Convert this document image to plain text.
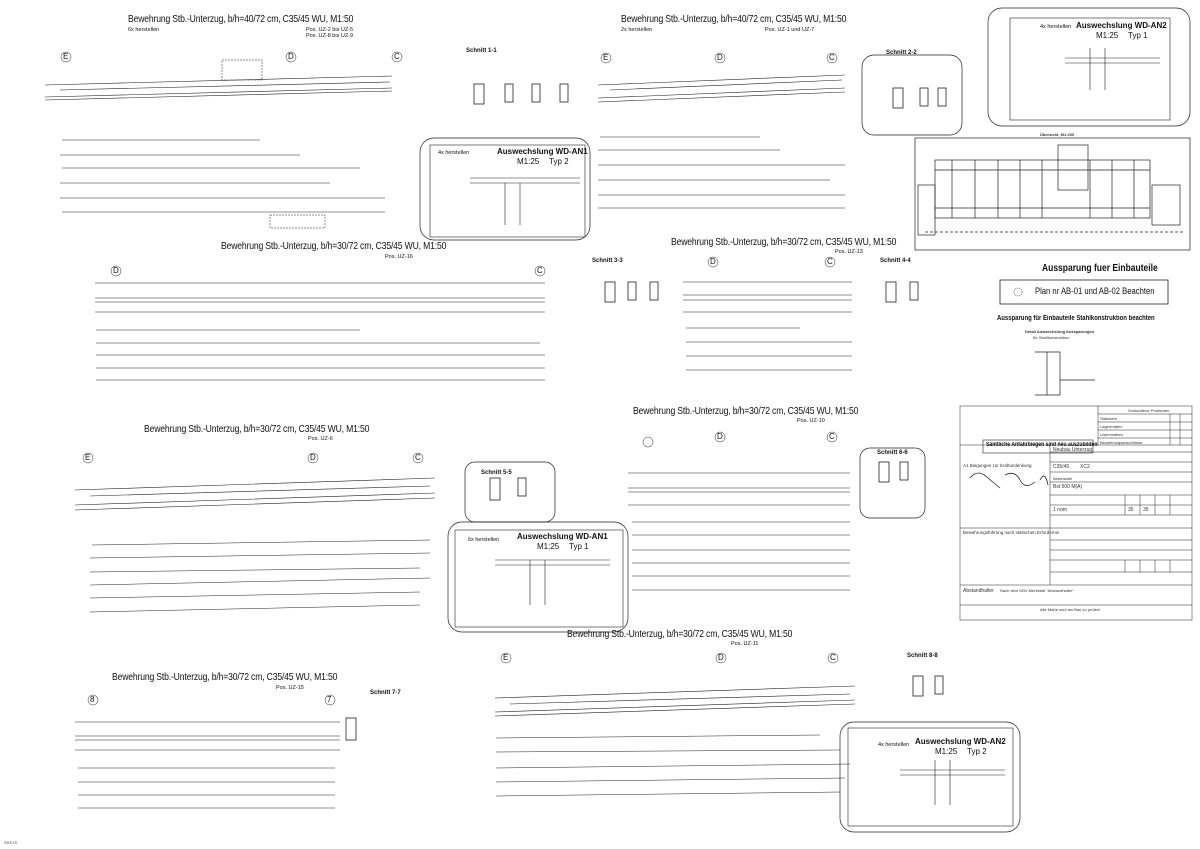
Bewehrung Stb.-Unterzug, b/h=40/72 cm, C35/45 WU, M1:50
6x herstellen	Pos. UZ-2 bis UZ-5
Pos. UZ-8 bis UZ-9
Bewehrung Stb.-Unterzug, b/h=40/72 cm, C35/45 WU, M1:50
2x herstellen	Pos. UZ-1 und UZ-7
Bewehrung Stb.-Unterzug, b/h=30/72 cm, C35/45 WU, M1:50
Pos. UZ-16
Bewehrung Stb.-Unterzug, b/h=30/72 cm, C35/45 WU, M1:50
Pos. UZ-13
Bewehrung Stb.-Unterzug, b/h=30/72 cm, C35/45 WU, M1:50
Pos. UZ-6
Bewehrung Stb.-Unterzug, b/h=30/72 cm, C35/45 WU, M1:50
Pos. UZ-10
Bewehrung Stb.-Unterzug, b/h=30/72 cm, C35/45 WU, M1:50
Pos. UZ-11
Bewehrung Stb.-Unterzug, b/h=30/72 cm, C35/45 WU, M1:50
Pos. UZ-15
E	D	C	E	D	C
D	C
D	C
E	D	C
D	C
E	D	C
8	7
Schnitt 1-1	Schnitt 2-2
Schnitt 3-3	Schnitt 4-4
Schnitt 5-5
Schnitt 6-6
Schnitt 7-7
Schnitt 8-8
4x herstellen	Auswechslung WD-AN1
M1:25 Typ 2
4x herstellen Auswechslung WD-AN2
M1:25 Typ 1
6x herstellen Auswechslung WD-AN1
M1:25 Typ 1
4x herstellen Auswechslung WD-AN2
M1:25 Typ 2
Übersicht, M1:200
Aussparung fuer Einbauteile
Plan nr AB-01 und AB-02 Beachten
Aussparung für Einbauteile Stahlkonstruktion beachten
Detail Auswechslung Aussparungen
für Stahlkonstruktion
Sämtliche Anfahrbiegen sind neu auszubilden
Vorhandene Positionen
Stabstahl
Lagermatten
Listenmatten
Bewehrungsanschlüsse
Neubau Unterzug
C35/45 XC2
Bst 500 M(A)
Betonstahl
A1 Biegungen zur Kraftumlenkung
Bewehrungsführung nach statischen Erfordernis
1 nom	35 35
Abstandhalter Nach dem DBV-Merkblatt "Abstandhalter"
Alle Maße sind am Bau zu prüfen!
SSS IS
